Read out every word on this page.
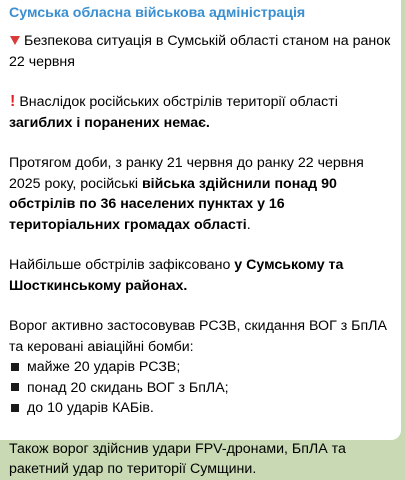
Сумська обласна військова адміністрація

Безпекова ситуація в Сумській області станом на ранок 22 червня

! Внаслідок російських обстрілів території області загиблих і поранених немає.

Протягом доби, з ранку 21 червня до ранку 22 червня 2025 року, російські війська здійснили понад 90 обстрілів по 36 населених пунктах у 16 територіальних громадах області.

Найбільше обстрілів зафіксовано у Сумському та Шосткинському районах.

Ворог активно застосовував РСЗВ, скидання ВОГ з БпЛА та керовані авіаційні бомби:
майже 20 ударів РСЗВ;
понад 20 скидань ВОГ з БпЛА;
до 10 ударів КАБів.

Також ворог здійснив удари FPV-дронами, БпЛА та ракетний удар по території Сумщини.
